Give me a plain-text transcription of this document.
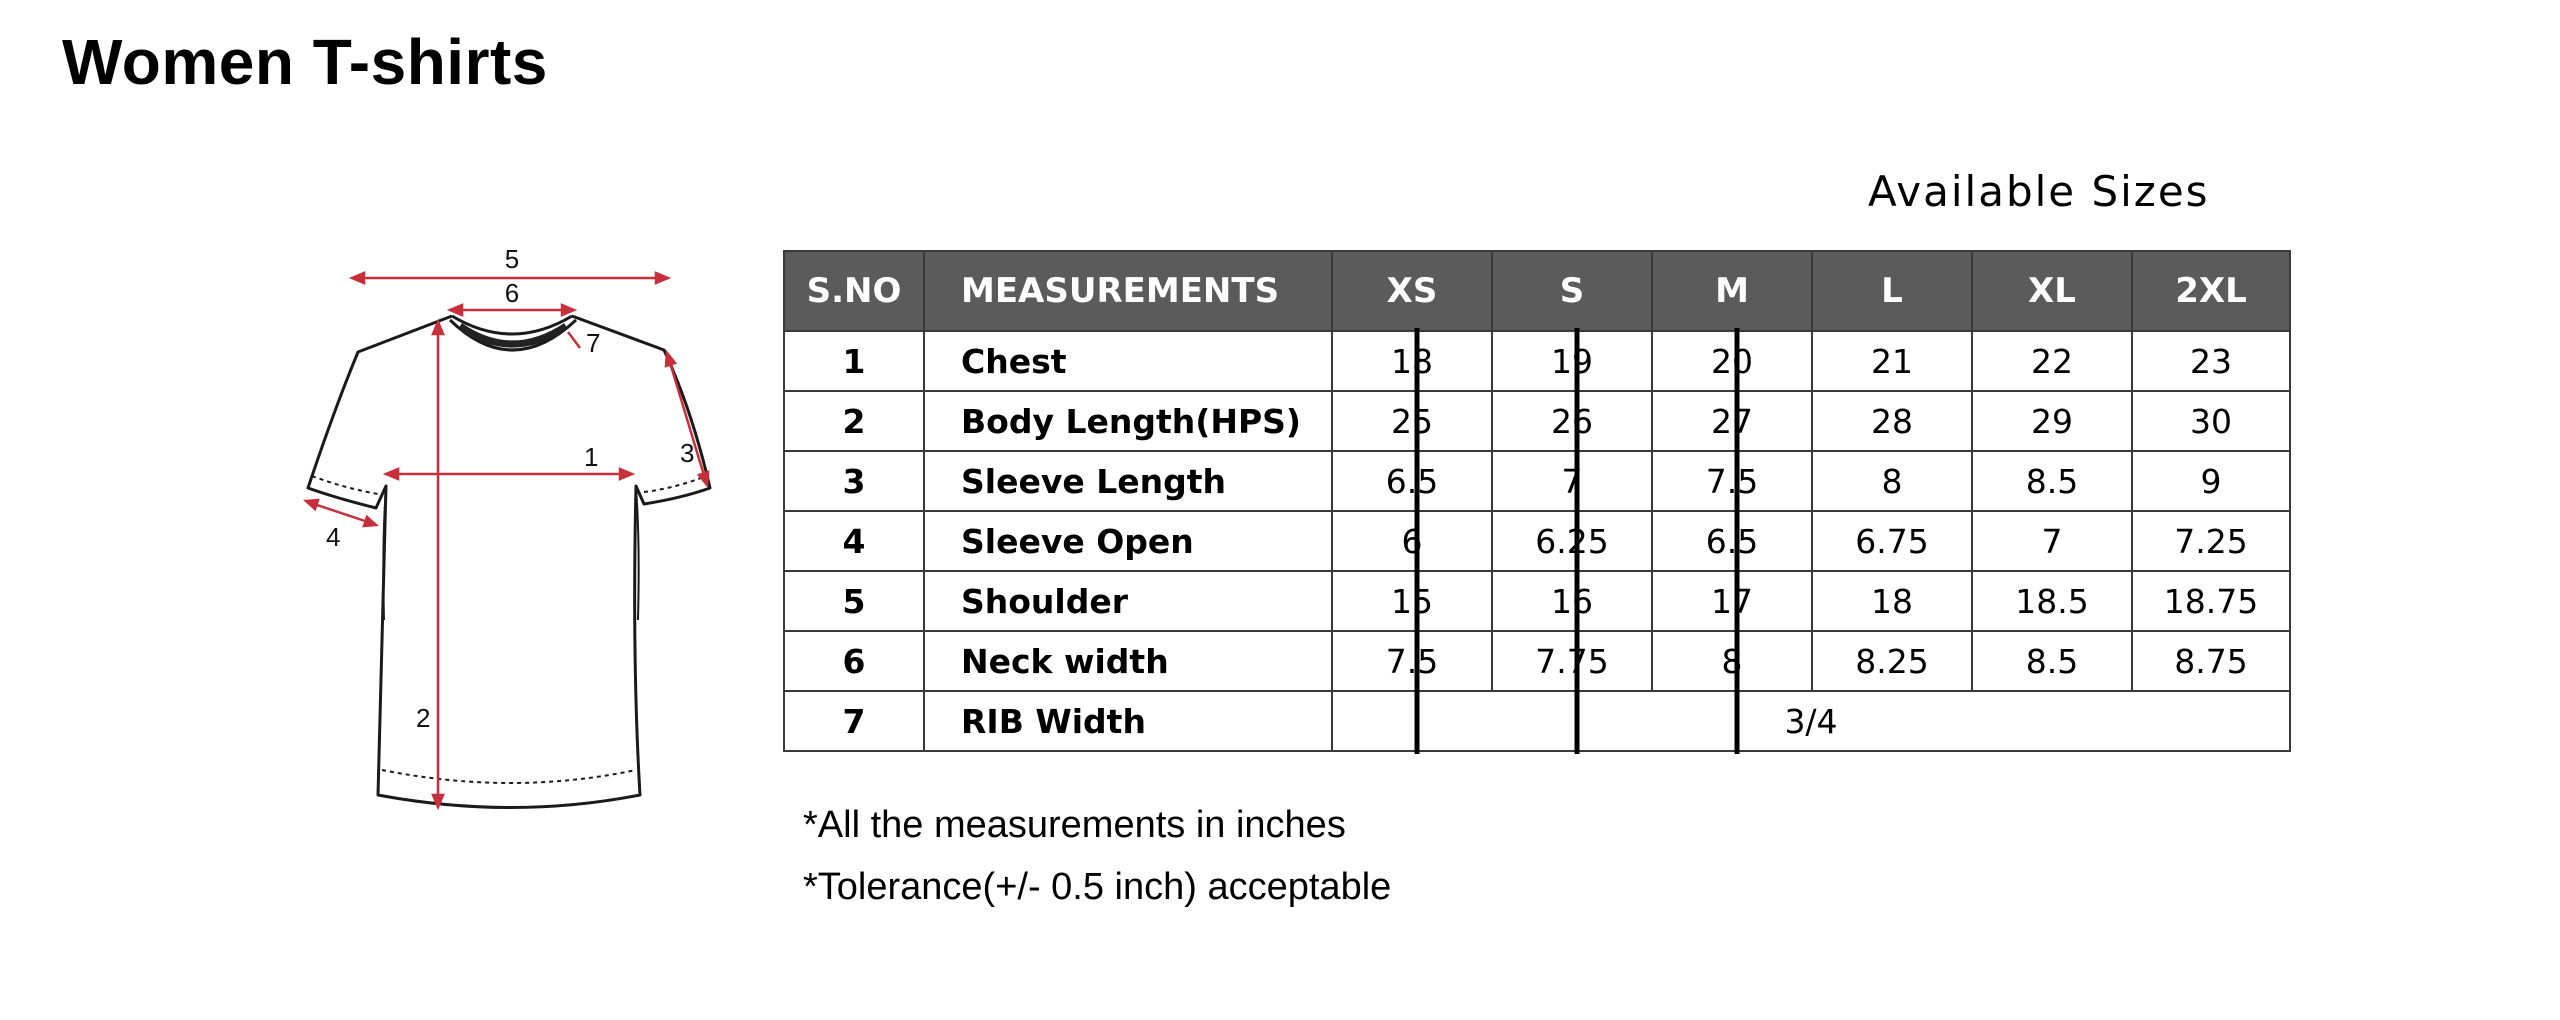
Women T-shirts
5
6
7
1	3
4
2
Available Sizes
S.NO	MEASUREMENTS	XS	S	M	L	XL	2XL
1	Chest	18	19	20	21	22	23
2	Body Length(HPS)	25	26	27	28	29	30
3	Sleeve Length	6.5	7	7.5	8	8.5	9
4	Sleeve Open	6	6.25	6.5	6.75	7	7.25
5	Shoulder	15	16	17	18	18.5	18.75
6	Neck width	7.5	7.75	8	8.25	8.5	8.75
7	RIB Width	3/4					
*All the measurements in inches
*Tolerance(+/- 0.5 inch) acceptable
